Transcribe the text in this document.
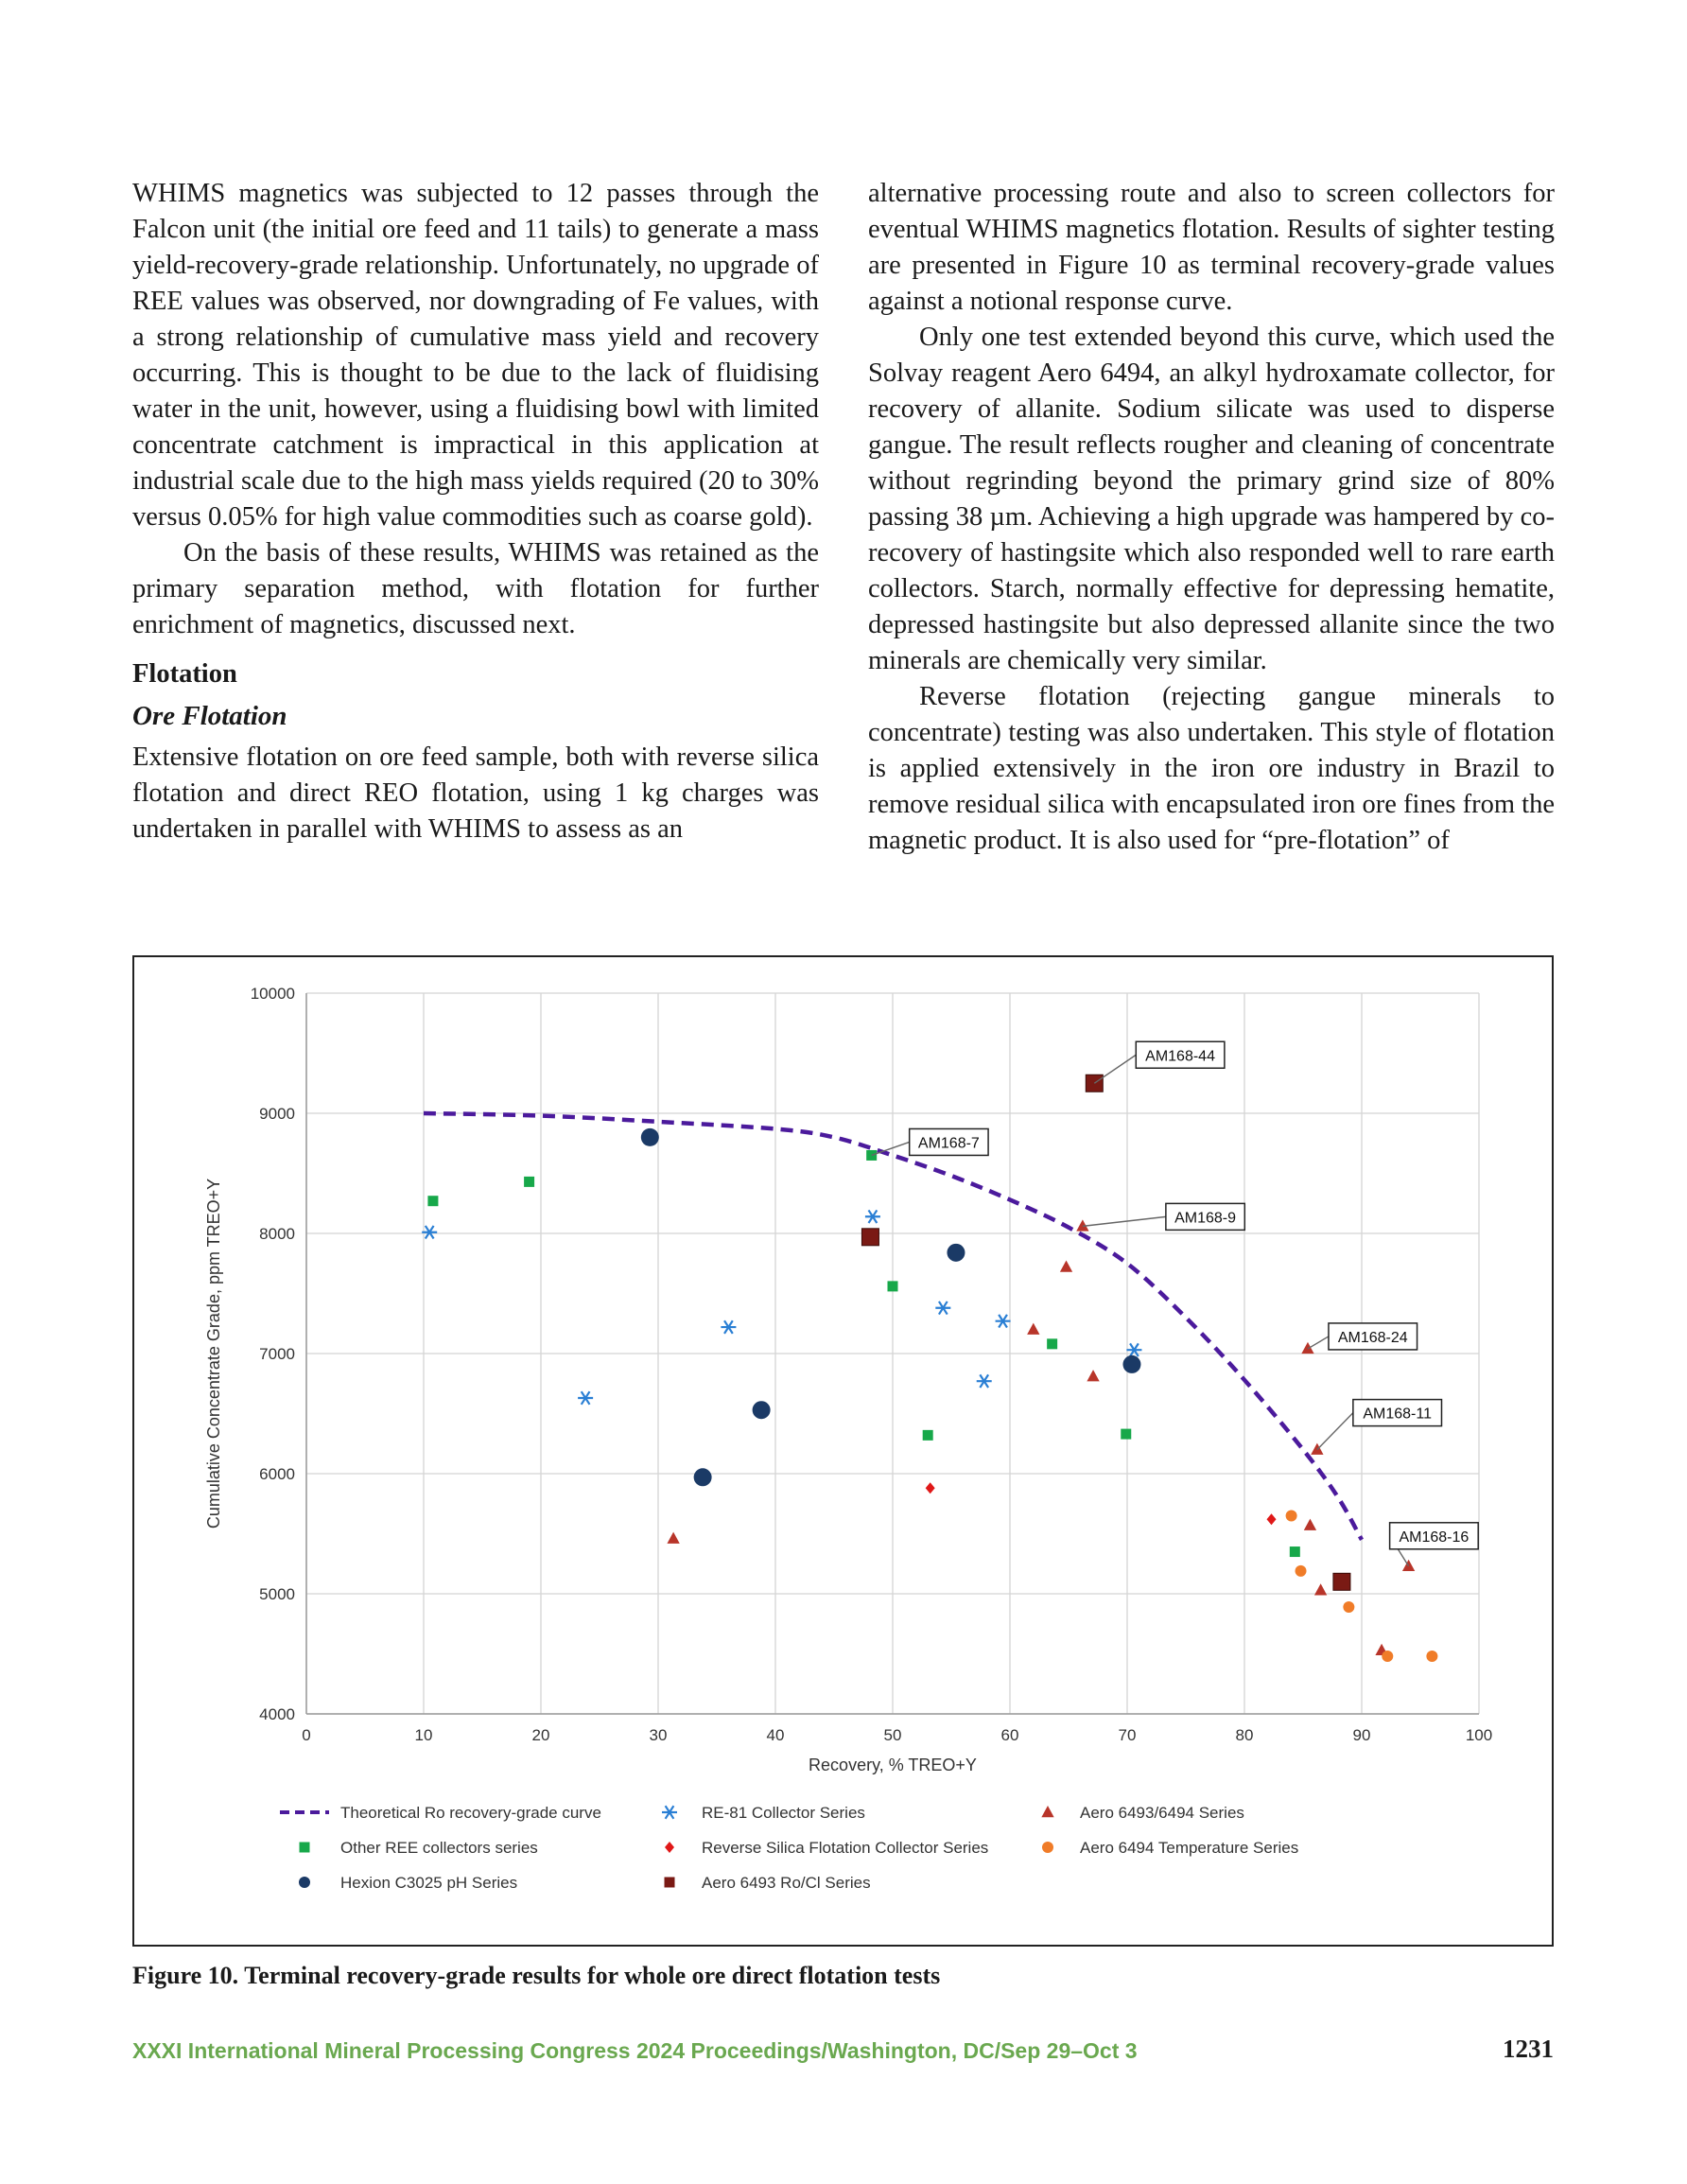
WHIMS magnetics was subjected to 12 passes through the Falcon unit (the initial ore feed and 11 tails) to generate a mass yield-recovery-grade relationship. Unfortunately, no upgrade of REE values was observed, nor downgrading of Fe values, with a strong relationship of cumulative mass yield and recovery occurring. This is thought to be due to the lack of fluidising water in the unit, however, using a fluidising bowl with limited concentrate catchment is impractical in this application at industrial scale due to the high mass yields required (20 to 30% versus 0.05% for high value commodities such as coarse gold).

On the basis of these results, WHIMS was retained as the primary separation method, with flotation for further enrichment of magnetics, discussed next.

Flotation
Ore Flotation

Extensive flotation on ore feed sample, both with reverse silica flotation and direct REO flotation, using 1 kg charges was undertaken in parallel with WHIMS to assess as an

alternative processing route and also to screen collectors for eventual WHIMS magnetics flotation. Results of sighter testing are presented in Figure 10 as terminal recovery-grade values against a notional response curve.

Only one test extended beyond this curve, which used the Solvay reagent Aero 6494, an alkyl hydroxamate collector, for recovery of allanite. Sodium silicate was used to disperse gangue. The result reflects rougher and cleaning of concentrate without regrinding beyond the primary grind size of 80% passing 38 µm. Achieving a high upgrade was hampered by co-recovery of hastingsite which also responded well to rare earth collectors. Starch, normally effective for depressing hematite, depressed hastingsite but also depressed allanite since the two minerals are chemically very similar.

Reverse flotation (rejecting gangue minerals to concentrate) testing was also undertaken. This style of flotation is applied extensively in the iron ore industry in Brazil to remove residual silica with encapsulated iron ore fines from the magnetic product. It is also used for “pre-flotation” of

AM168-44
AM168-7
AM168-9
AM168-24
AM168-11
AM168-16
0	10	20	30	40	50	60	70	80	90	100
4000
5000
6000
7000
8000
9000
10000
Recovery, % TREO+Y
Cumulative Concentrate Grade, ppm TREO+Y
Theoretical Ro recovery-grade curve	RE-81 Collector Series	Aero 6493/6494 Series
Other REE collectors series	Reverse Silica Flotation Collector Series	Aero 6494 Temperature Series
Hexion C3025 pH Series	Aero 6493 Ro/Cl Series
Figure 10. Terminal recovery-grade results for whole ore direct flotation tests
XXXI International Mineral Processing Congress 2024 Proceedings/Washington, DC/Sep 29–Oct 3	1231
